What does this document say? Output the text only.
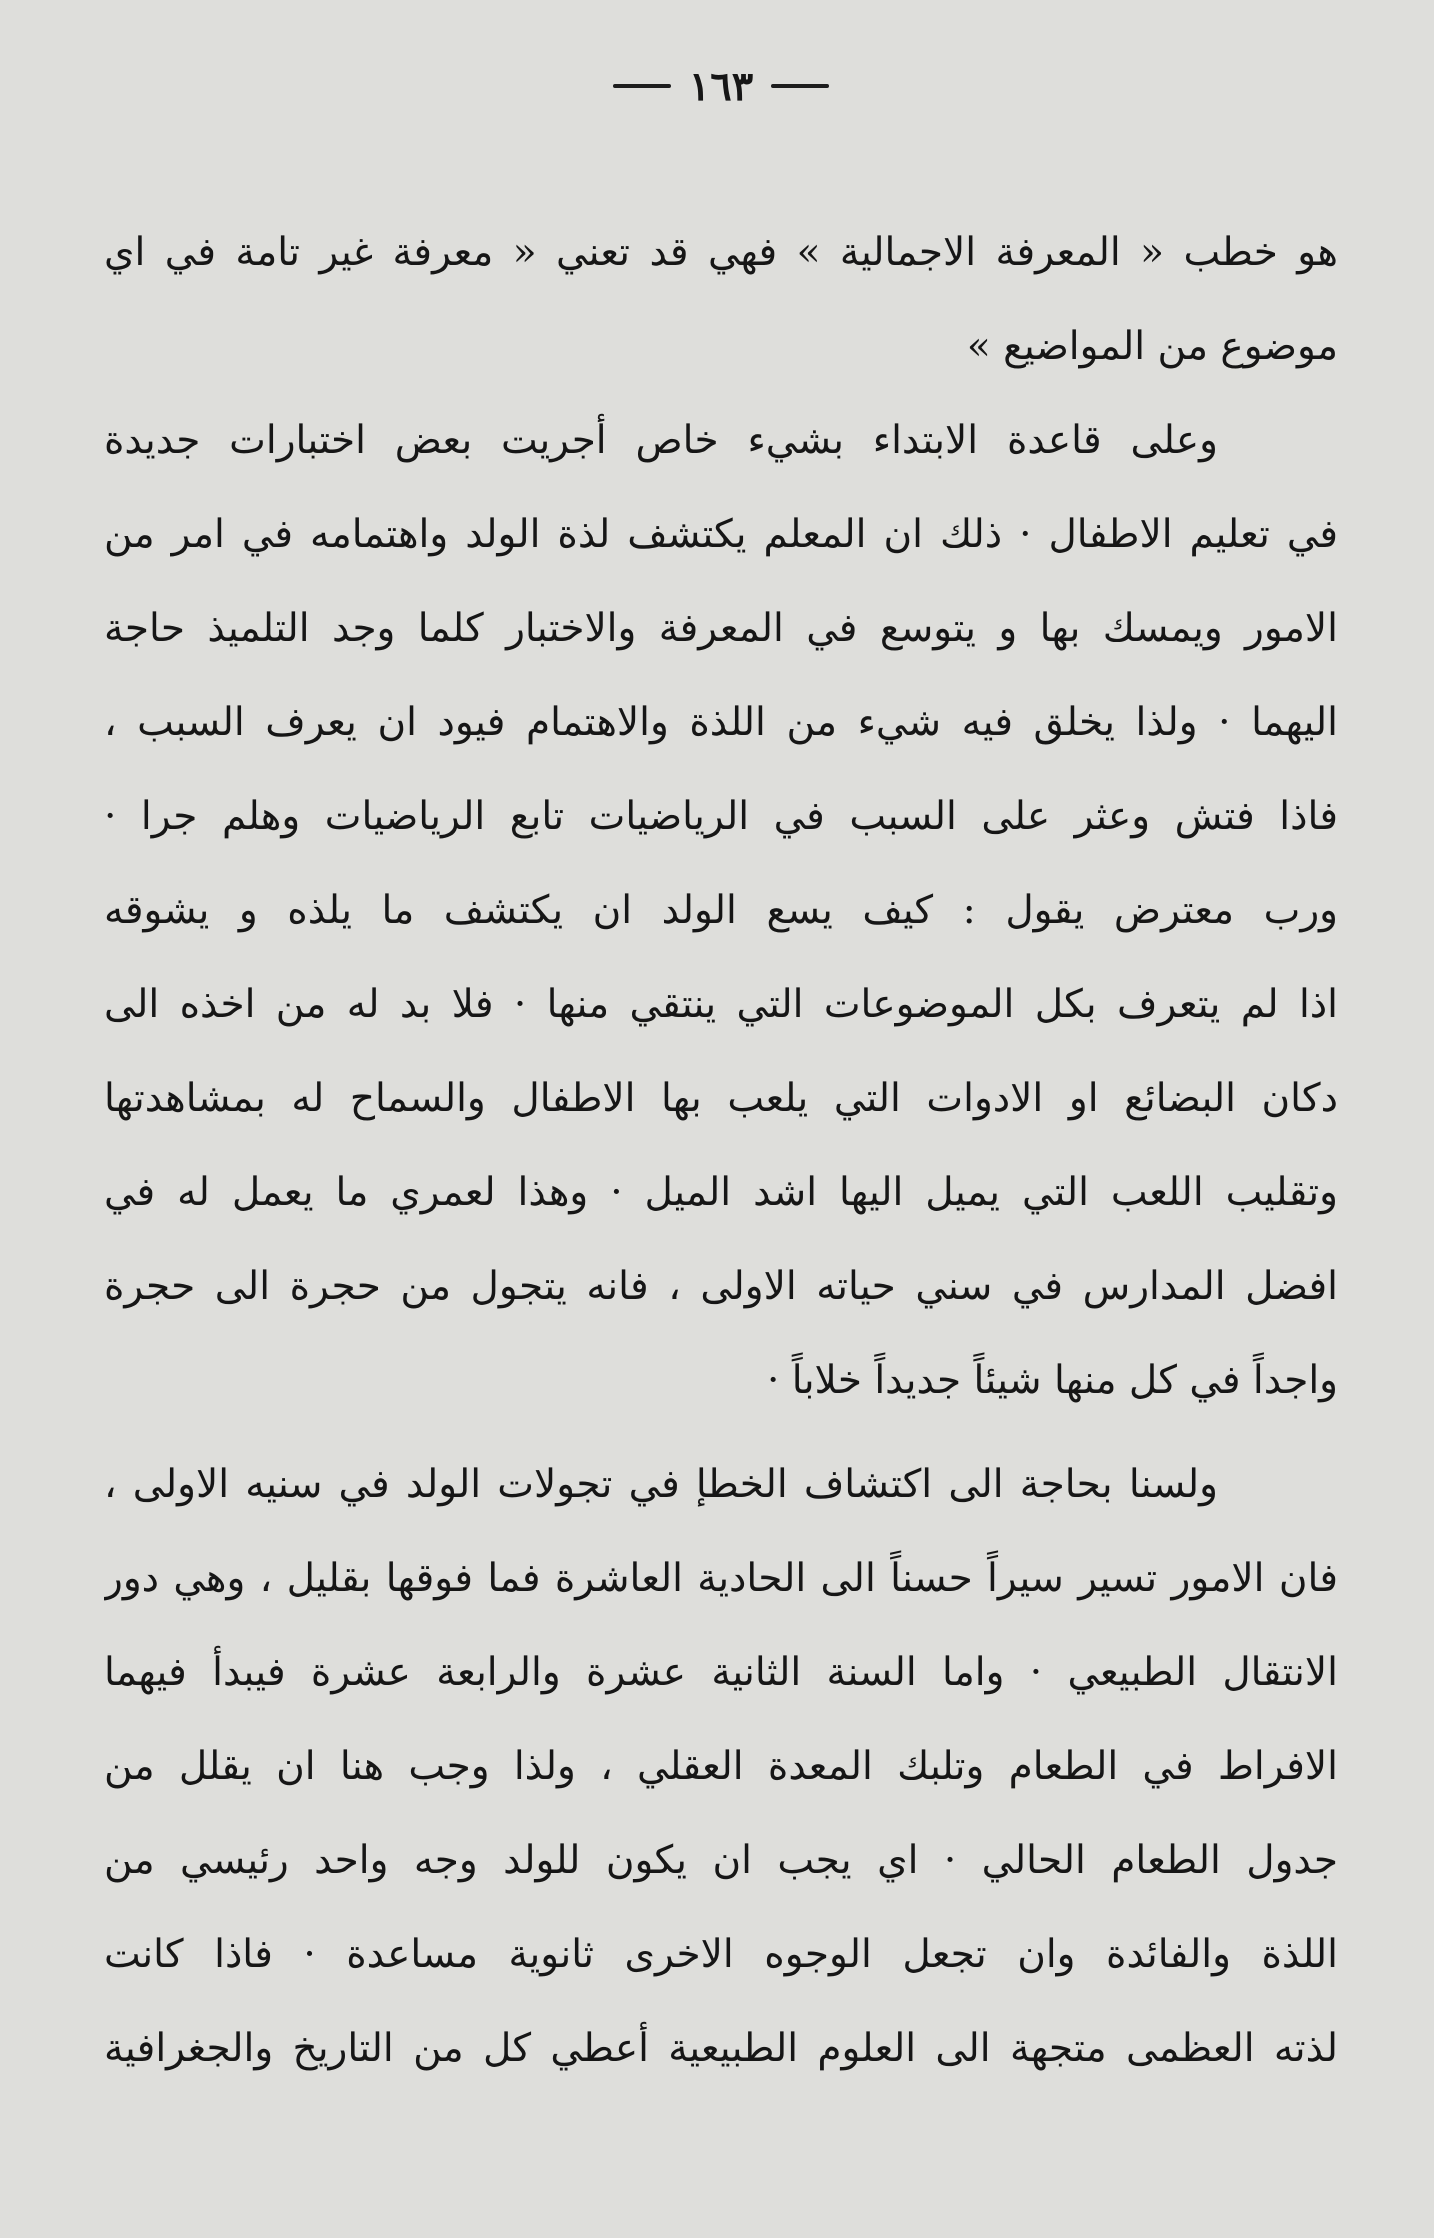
١٦٣
هو خطب « المعرفة الاجمالية » فهي قد تعني « معرفة غير تامة في اي
موضوع من المواضيع »
وعلى قاعدة الابتداء بشيء خاص أجريت بعض اختبارات جديدة
في تعليم الاطفال · ذلك ان المعلم يكتشف لذة الولد واهتمامه في امر من
الامور ويمسك بها و يتوسع في المعرفة والاختبار كلما وجد التلميذ حاجة
اليهما · ولذا يخلق فيه شيء من اللذة والاهتمام فيود ان يعرف السبب ،
فاذا فتش وعثر على السبب في الرياضيات تابع الرياضيات وهلم جرا ·
ورب معترض يقول : كيف يسع الولد ان يكتشف ما يلذه و يشوقه
اذا لم يتعرف بكل الموضوعات التي ينتقي منها · فلا بد له من اخذه الى
دكان البضائع او الادوات التي يلعب بها الاطفال والسماح له بمشاهدتها
وتقليب اللعب التي يميل اليها اشد الميل · وهذا لعمري ما يعمل له في
افضل المدارس في سني حياته الاولى ، فانه يتجول من حجرة الى حجرة
واجداً في كل منها شيئاً جديداً خلاباً ·
ولسنا بحاجة الى اكتشاف الخطإ في تجولات الولد في سنيه الاولى ،
فان الامور تسير سيراً حسناً الى الحادية العاشرة فما فوقها بقليل ، وهي دور
الانتقال الطبيعي · واما السنة الثانية عشرة والرابعة عشرة فيبدأ فيهما
الافراط في الطعام وتلبك المعدة العقلي ، ولذا وجب هنا ان يقلل من
جدول الطعام الحالي · اي يجب ان يكون للولد وجه واحد رئيسي من
اللذة والفائدة وان تجعل الوجوه الاخرى ثانوية مساعدة · فاذا كانت
لذته العظمى متجهة الى العلوم الطبيعية أعطي كل من التاريخ والجغرافية
